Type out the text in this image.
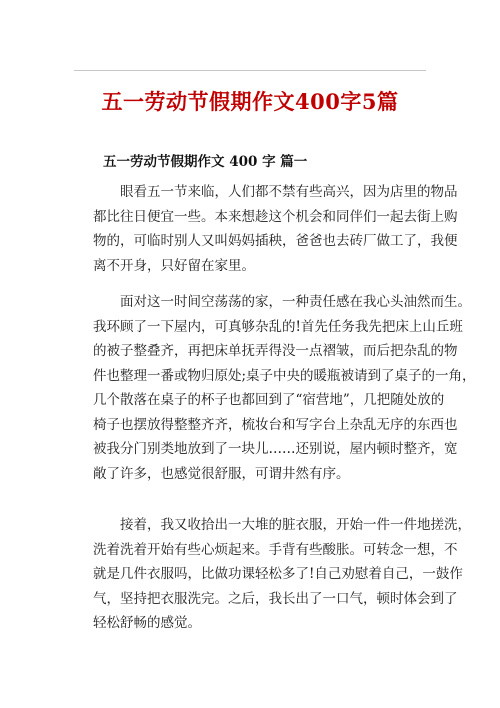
五一劳动节假期作文400字5篇
五一劳动节假期作文 400 字 篇一
眼看五一节来临，人们都不禁有些高兴，因为店里的物品
都比往日便宜一些。本来想趁这个机会和同伴们一起去街上购
物的，可临时别人又叫妈妈插秧，爸爸也去砖厂做工了，我便
离不开身，只好留在家里。
面对这一时间空荡荡的家，一种责任感在我心头油然而生。
我环顾了一下屋内，可真够杂乱的!首先任务我先把床上山丘班
的被子整叠齐，再把床单抚弄得没一点褶皱，而后把杂乱的物
件也整理一番或物归原处;桌子中央的暖瓶被请到了桌子的一角，
几个散落在桌子的杯子也都回到了“宿营地”，几把随处放的
椅子也摆放得整整齐齐，梳妆台和写字台上杂乱无序的东西也
被我分门别类地放到了一块儿……还别说，屋内顿时整齐，宽
敞了许多，也感觉很舒服，可谓井然有序。
接着，我又收拾出一大堆的脏衣服，开始一件一件地搓洗，
洗着洗着开始有些心烦起来。手背有些酸胀。可转念一想，不
就是几件衣服吗，比做功课轻松多了!自己劝慰着自己，一鼓作
气，坚持把衣服洗完。之后，我长出了一口气，顿时体会到了
轻松舒畅的感觉。
